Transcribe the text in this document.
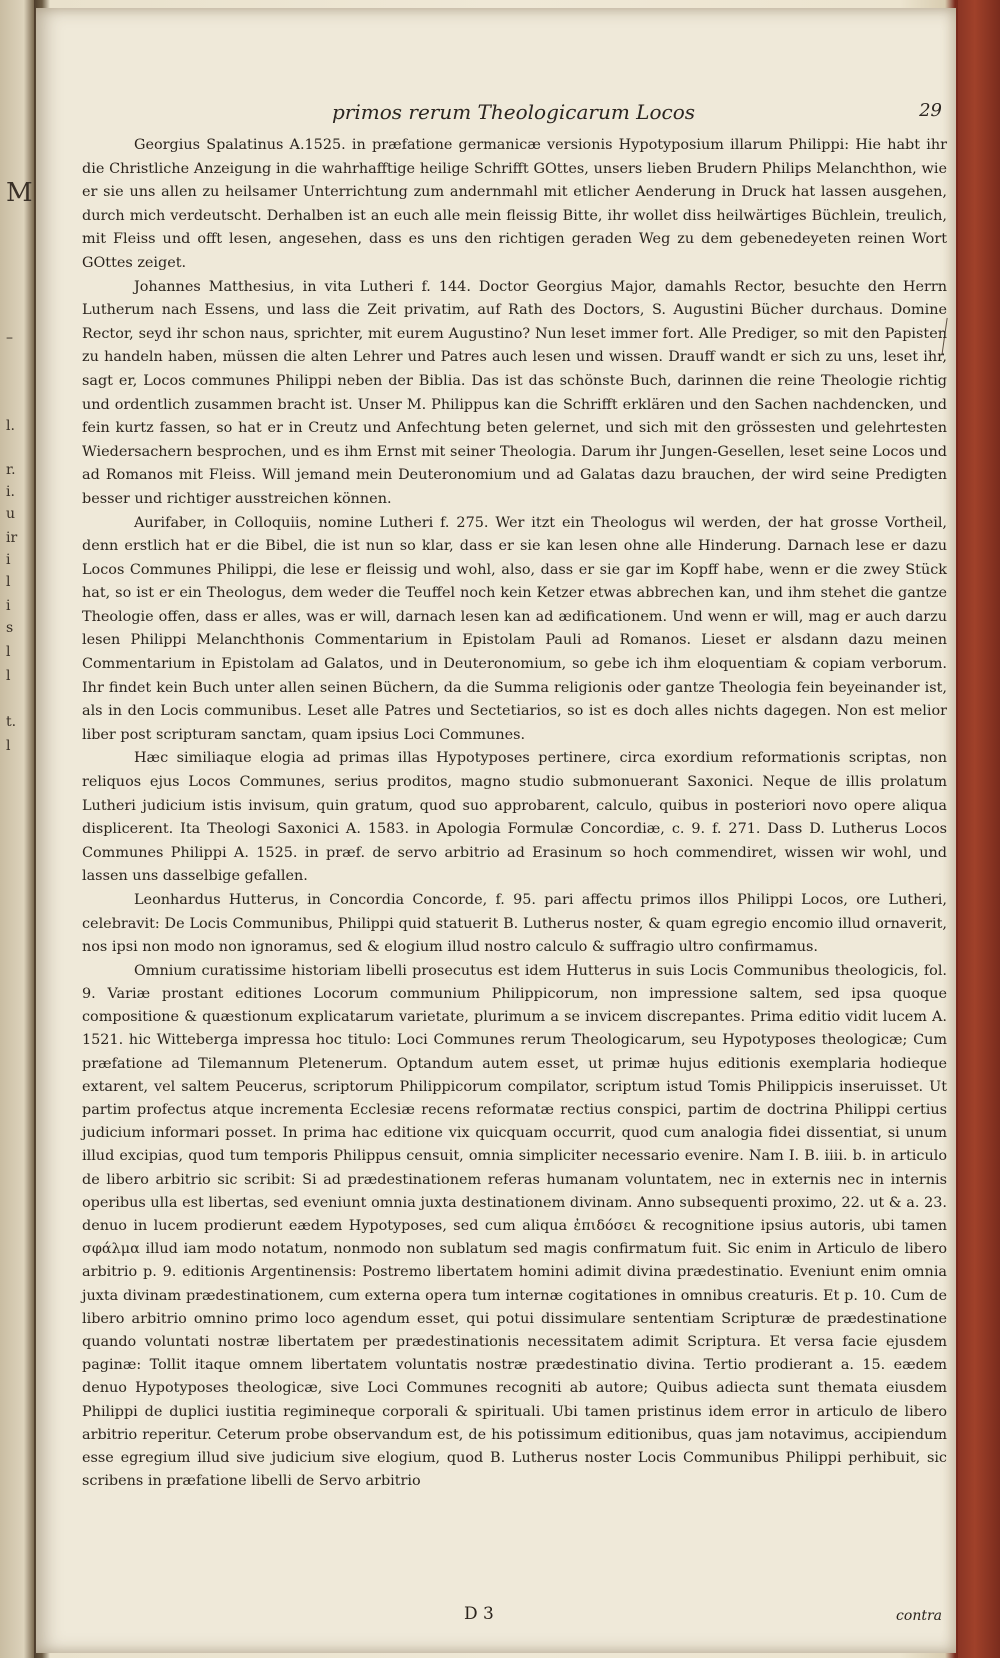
M
–
l.
r.
i.
u
ir
i
l
i
s
l
l
t.
l
primos rerum Theologicarum Locos	29

Georgius Spalatinus A.1525. in præfatione germanicæ versionis Hypotyposium illarum Philippi: Hie habt ihr die Christliche Anzeigung in die wahrhafftige heilige Schrifft GOttes, unsers lieben Brudern Philips Melanchthon, wie er sie uns allen zu heilsamer Unterrichtung zum andernmahl mit etlicher Aenderung in Druck hat lassen ausgehen, durch mich verdeutscht. Derhalben ist an euch alle mein fleissig Bitte, ihr wollet diss heilwärtiges Büchlein, treulich, mit Fleiss und offt lesen, angesehen, dass es uns den richtigen geraden Weg zu dem gebenedeyeten reinen Wort GOttes zeiget.

Johannes Matthesius, in vita Lutheri f. 144. Doctor Georgius Major, damahls Rector, besuchte den Herrn Lutherum nach Essens, und lass die Zeit privatim, auf Rath des Doctors, S. Augustini Bücher durchaus. Domine Rector, seyd ihr schon naus, sprichter, mit eurem Augustino? Nun leset immer fort. Alle Prediger, so mit den Papisten zu handeln haben, müssen die alten Lehrer und Patres auch lesen und wissen. Drauff wandt er sich zu uns, leset ihr, sagt er, Locos communes Philippi neben der Biblia. Das ist das schönste Buch, darinnen die reine Theologie richtig und ordentlich zusammen bracht ist. Unser M. Philippus kan die Schrifft erklären und den Sachen nachdencken, und fein kurtz fassen, so hat er in Creutz und Anfechtung beten gelernet, und sich mit den grössesten und gelehrtesten Wiedersachern besprochen, und es ihm Ernst mit seiner Theologia. Darum ihr Jungen-Gesellen, leset seine Locos und ad Romanos mit Fleiss. Will jemand mein Deuteronomium und ad Galatas dazu brauchen, der wird seine Predigten besser und richtiger ausstreichen können.

Aurifaber, in Colloquiis, nomine Lutheri f. 275. Wer itzt ein Theologus wil werden, der hat grosse Vortheil, denn erstlich hat er die Bibel, die ist nun so klar, dass er sie kan lesen ohne alle Hinderung. Darnach lese er dazu Locos Communes Philippi, die lese er fleissig und wohl, also, dass er sie gar im Kopff habe, wenn er die zwey Stück hat, so ist er ein Theologus, dem weder die Teuffel noch kein Ketzer etwas abbrechen kan, und ihm stehet die gantze Theologie offen, dass er alles, was er will, darnach lesen kan ad ædificationem. Und wenn er will, mag er auch darzu lesen Philippi Melanchthonis Commentarium in Epistolam Pauli ad Romanos. Lieset er alsdann dazu meinen Commentarium in Epistolam ad Galatos, und in Deuteronomium, so gebe ich ihm eloquentiam & copiam verborum. Ihr findet kein Buch unter allen seinen Büchern, da die Summa religionis oder gantze Theologia fein beyeinander ist, als in den Locis communibus. Leset alle Patres und Sectetiarios, so ist es doch alles nichts dagegen. Non est melior liber post scripturam sanctam, quam ipsius Loci Communes.

Hæc similiaque elogia ad primas illas Hypotyposes pertinere, circa exordium reformationis scriptas, non reliquos ejus Locos Communes, serius proditos, magno studio submonuerant Saxonici. Neque de illis prolatum Lutheri judicium istis invisum, quin gratum, quod suo approbarent, calculo, quibus in posteriori novo opere aliqua displicerent. Ita Theologi Saxonici A. 1583. in Apologia Formulæ Concordiæ, c. 9. f. 271. Dass D. Lutherus Locos Communes Philippi A. 1525. in præf. de servo arbitrio ad Erasinum so hoch commendiret, wissen wir wohl, und lassen uns dasselbige gefallen.

Leonhardus Hutterus, in Concordia Concorde, f. 95. pari affectu primos illos Philippi Locos, ore Lutheri, celebravit: De Locis Communibus, Philippi quid statuerit B. Lutherus noster, & quam egregio encomio illud ornaverit, nos ipsi non modo non ignoramus, sed & elogium illud nostro calculo & suffragio ultro confirmamus.

Omnium curatissime historiam libelli prosecutus est idem Hutterus in suis Locis Communibus theologicis, fol. 9. Variæ prostant editiones Locorum communium Philippicorum, non impressione saltem, sed ipsa quoque compositione & quæstionum explicatarum varietate, plurimum a se invicem discrepantes. Prima editio vidit lucem A. 1521. hic Witteberga impressa hoc titulo: Loci Communes rerum Theologicarum, seu Hypotyposes theologicæ; Cum præfatione ad Tilemannum Pletenerum. Optandum autem esset, ut primæ hujus editionis exemplaria hodieque extarent, vel saltem Peucerus, scriptorum Philippicorum compilator, scriptum istud Tomis Philippicis inseruisset. Ut partim profectus atque incrementa Ecclesiæ recens reformatæ rectius conspici, partim de doctrina Philippi certius judicium informari posset. In prima hac editione vix quicquam occurrit, quod cum analogia fidei dissentiat, si unum illud excipias, quod tum temporis Philippus censuit, omnia simpliciter necessario evenire. Nam I. B. iiii. b. in articulo de libero arbitrio sic scribit: Si ad prædestinationem referas humanam voluntatem, nec in externis nec in internis operibus ulla est libertas, sed eveniunt omnia juxta destinationem divinam. Anno subsequenti proximo, 22. ut & a. 23. denuo in lucem prodierunt eædem Hypotyposes, sed cum aliqua ἐπιδόσει & recognitione ipsius autoris, ubi tamen σφάλμα illud iam modo notatum, nonmodo non sublatum sed magis confirmatum fuit. Sic enim in Articulo de libero arbitrio p. 9. editionis Argentinensis: Postremo libertatem homini adimit divina prædestinatio. Eveniunt enim omnia juxta divinam prædestinationem, cum externa opera tum internæ cogitationes in omnibus creaturis. Et p. 10. Cum de libero arbitrio omnino primo loco agendum esset, qui potui dissimulare sententiam Scripturæ de prædestinatione quando voluntati nostræ libertatem per prædestinationis necessitatem adimit Scriptura. Et versa facie ejusdem paginæ: Tollit itaque omnem libertatem voluntatis nostræ prædestinatio divina. Tertio prodierant a. 15. eædem denuo Hypotyposes theologicæ, sive Loci Communes recogniti ab autore; Quibus adiecta sunt themata eiusdem Philippi de duplici iustitia regimineque corporali & spirituali. Ubi tamen pristinus idem error in articulo de libero arbitrio reperitur. Ceterum probe observandum est, de his potissimum editionibus, quas jam notavimus, accipiendum esse egregium illud sive judicium sive elogium, quod B. Lutherus noster Locis Communibus Philippi perhibuit, sic scribens in præfatione libelli de Servo arbitrio

D 3	contra
